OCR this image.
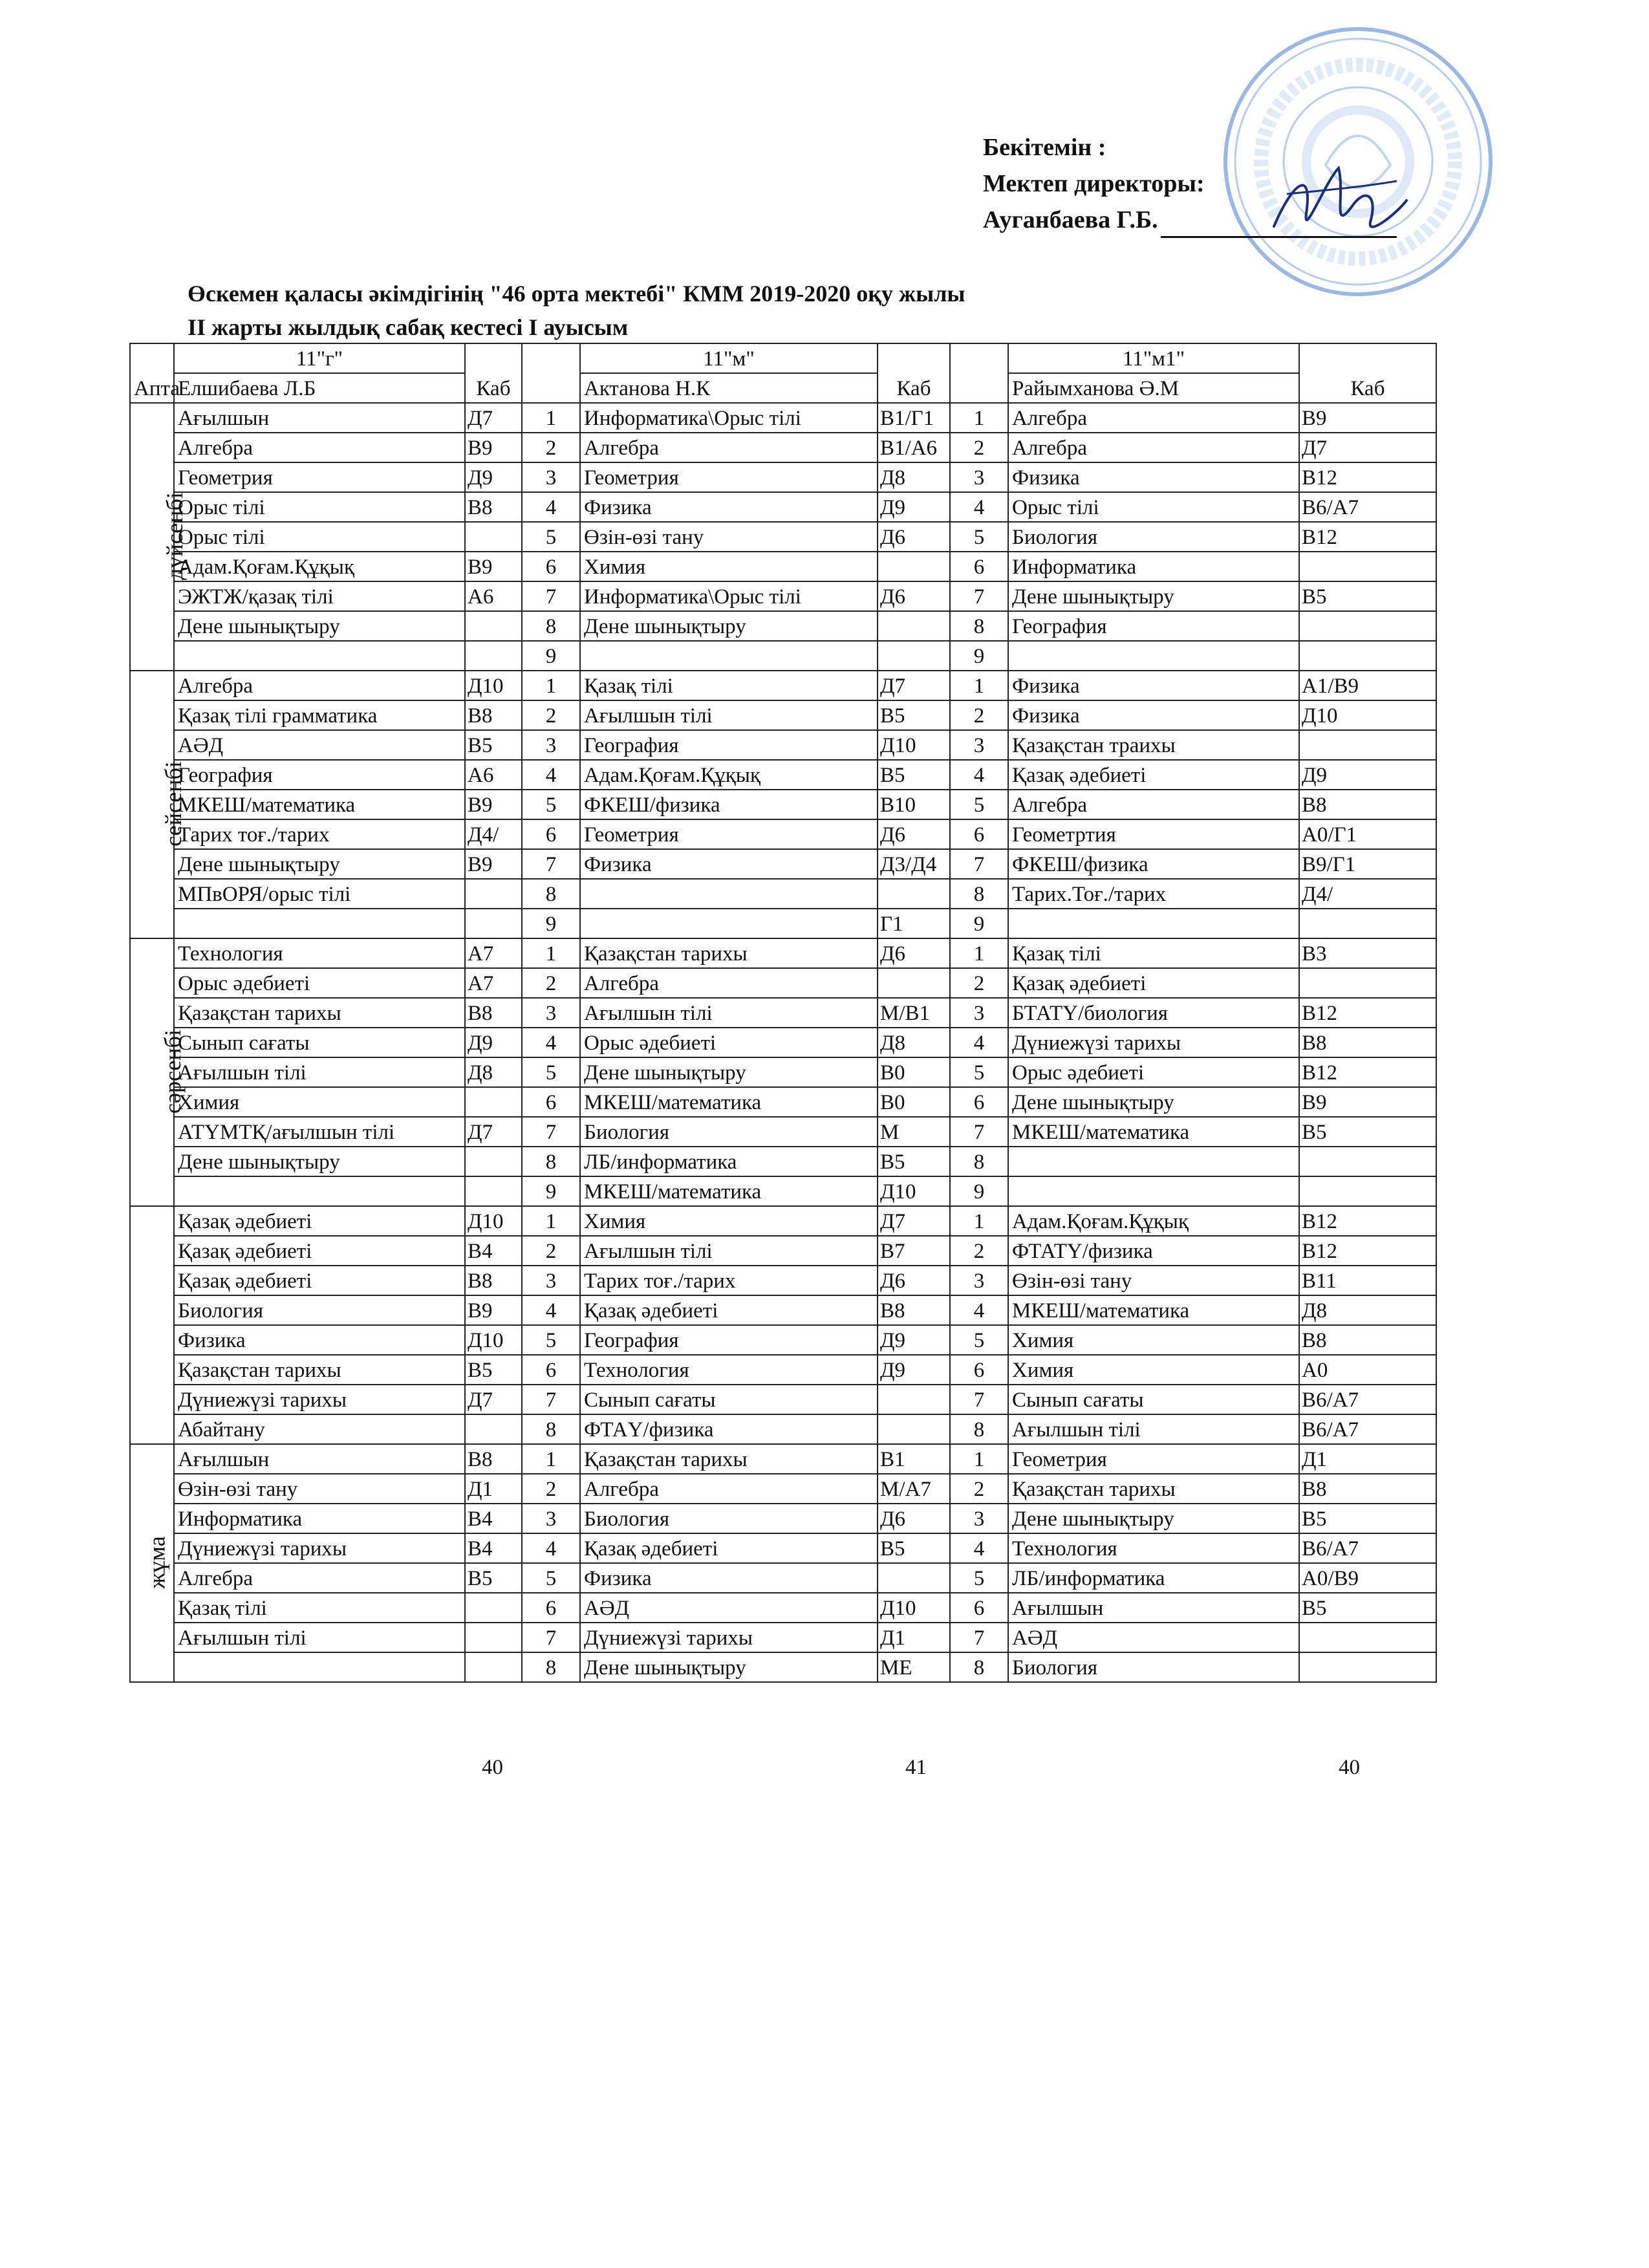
Бекітемін :
Мектеп директоры:
Ауганбаева Г.Б.
Өскемен қаласы әкімдігінің "46 орта мектебі" КММ 2019-2020 оқу жылы
ІІ жарты жылдық сабақ кестесі І ауысым
Апта	11"г"	Каб		11"м"	Каб		11"м1"	Каб
	Елшибаева Л.Б			Актанова Н.К			Райымханова Ә.М	
дүйсенбі	Ағылшын	Д7	1	Информатика\Орыс тілі	В1/Г1	1	Алгебра	В9
	Алгебра	В9	2	Алгебра	В1/А6	2	Алгебра	Д7
	Геометрия	Д9	3	Геометрия	Д8	3	Физика	В12
	Орыс тілі	В8	4	Физика	Д9	4	Орыс тілі	В6/А7
	Орыс тілі		5	Өзін-өзі тану	Д6	5	Биология	В12
	Адам.Қоғам.Құқық	В9	6	Химия		6	Информатика	
	ЭЖТЖ/қазақ тілі	А6	7	Информатика\Орыс тілі	Д6	7	Дене шынықтыру	В5
	Дене шынықтыру		8	Дене шынықтыру		8	География	
			9			9		
сейсенбі	Алгебра	Д10	1	Қазақ тілі	Д7	1	Физика	А1/В9
	Қазақ тілі грамматика	В8	2	Ағылшын тілі	В5	2	Физика	Д10
	АӘД	В5	3	География	Д10	3	Қазақстан траихы	
	География	А6	4	Адам.Қоғам.Құқық	В5	4	Қазақ әдебиеті	Д9
	МКЕШ/математика	В9	5	ФКЕШ/физика	В10	5	Алгебра	В8
	Тарих тоғ./тарих	Д4/	6	Геометрия	Д6	6	Геометртия	А0/Г1
	Дене шынықтыру	В9	7	Физика	Д3/Д4	7	ФКЕШ/физика	В9/Г1
	МПвОРЯ/орыс тілі		8			8	Тарих.Тоғ./тарих	Д4/
			9		Г1	9		
сәрсенбі	Технология	А7	1	Қазақстан тарихы	Д6	1	Қазақ тілі	В3
	Орыс әдебиеті	А7	2	Алгебра		2	Қазақ әдебиеті	
	Қазақстан тарихы	В8	3	Ағылшын тілі	М/В1	3	БТАТҮ/биология	В12
	Сынып сағаты	Д9	4	Орыс әдебиеті	Д8	4	Дүниежүзі тарихы	В8
	Ағылшын тілі	Д8	5	Дене шынықтыру	В0	5	Орыс әдебиеті	В12
	Химия		6	МКЕШ/математика	В0	6	Дене шынықтыру	В9
	АТҮМТҚ/ағылшын тілі	Д7	7	Биология	М	7	МКЕШ/математика	В5
	Дене шынықтыру		8	ЛБ/информатика	В5	8		
			9	МКЕШ/математика	Д10	9		
	Қазақ әдебиеті	Д10	1	Химия	Д7	1	Адам.Қоғам.Құқық	В12
	Қазақ әдебиеті	В4	2	Ағылшын тілі	В7	2	ФТАТҮ/физика	В12
	Қазақ әдебиеті	В8	3	Тарих тоғ./тарих	Д6	3	Өзін-өзі тану	В11
	Биология	В9	4	Қазақ әдебиеті	В8	4	МКЕШ/математика	Д8
	Физика	Д10	5	География	Д9	5	Химия	В8
	Қазақстан тарихы	В5	6	Технология	Д9	6	Химия	А0
	Дүниежүзі тарихы	Д7	7	Сынып сағаты		7	Сынып сағаты	В6/А7
	Абайтану		8	ФТАҮ/физика		8	Ағылшын тілі	В6/А7
жұма	Ағылшын	В8	1	Қазақстан тарихы	В1	1	Геометрия	Д1
	Өзін-өзі тану	Д1	2	Алгебра	М/А7	2	Қазақстан тарихы	В8
	Информатика	В4	3	Биология	Д6	3	Дене шынықтыру	В5
	Дүниежүзі тарихы	В4	4	Қазақ әдебиеті	В5	4	Технология	В6/А7
	Алгебра	В5	5	Физика		5	ЛБ/информатика	А0/В9
	Қазақ тілі		6	АӘД	Д10	6	Ағылшын	В5
	Ағылшын тілі		7	Дүниежүзі тарихы	Д1	7	АӘД	
			8	Дене шынықтыру	МЕ	8	Биология	
40	41	40
